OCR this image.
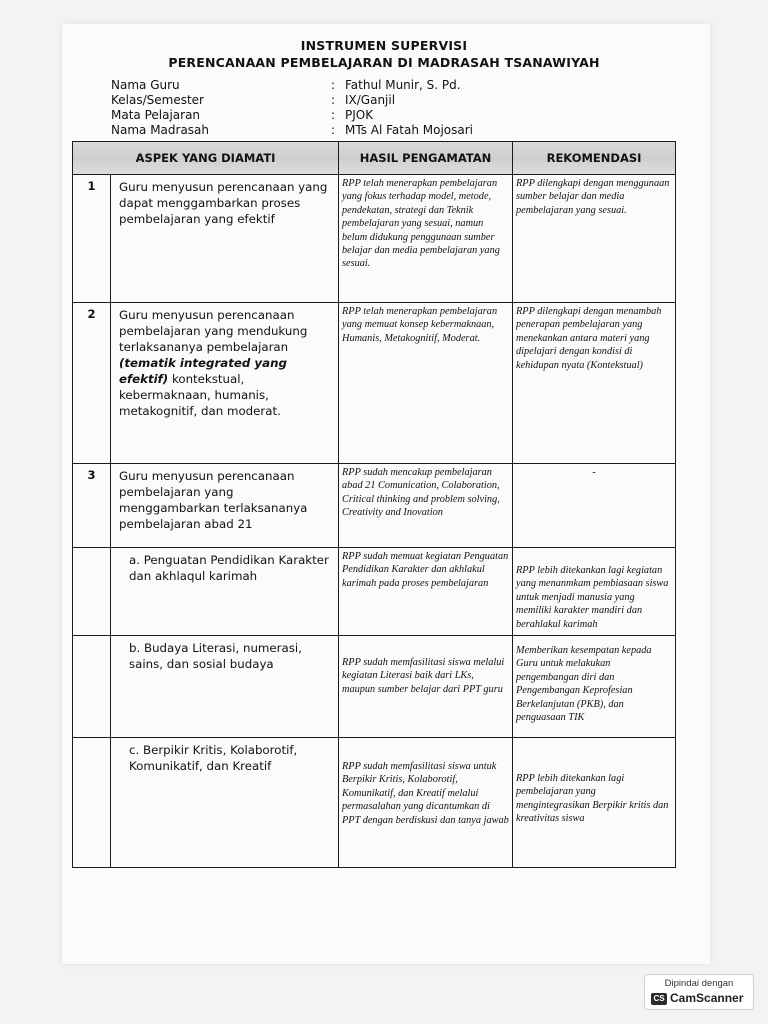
INSTRUMEN SUPERVISI
PERENCANAAN PEMBELAJARAN DI MADRASAH TSANAWIYAH
Nama Guru	: Fathul Munir, S. Pd.
Kelas/Semester	: IX/Ganjil
Mata Pelajaran	: PJOK
Nama Madrasah	: MTs Al Fatah Mojosari
ASPEK YANG DIAMATI		HASIL PENGAMATAN	REKOMENDASI
1	Guru menyusun perencanaan yang dapat menggambarkan proses pembelajaran yang efektif	RPP telah menerapkan pembelajaran yang fokus terhadap model, metode, pendekatan, strategi dan Teknik pembelajaran yang sesuai, namun belum didukung penggunaan sumber belajar dan media pembelajaran yang sesuai.	RPP dilengkapi dengan menggunaan sumber belajar dan media pembelajaran yang sesuai.
2	Guru menyusun perencanaan pembelajaran yang mendukung terlaksananya pembelajaran (tematik integrated yang efektif) kontekstual, kebermaknaan, humanis, metakognitif, dan moderat.	RPP telah menerapkan pembelajaran yang memuat konsep kebermaknaan, Humanis, Metakognitif, Moderat.	RPP dilengkapi dengan menambah penerapan pembelajaran yang menekankan antara materi yang dipelajari dengan kondisi di kehidupan nyata (Kontekstual)
3	Guru menyusun perencanaan pembelajaran yang menggambarkan terlaksananya pembelajaran abad 21	RPP sudah mencakup pembelajaran abad 21 Comunication, Colaboration, Critical thinking and problem solving, Creativity and Inovation	-
	a. Penguatan Pendidikan Karakter dan akhlaqul karimah	RPP sudah memuat kegiatan Penguatan Pendidikan Karakter dan akhlakul karimah pada proses pembelajaran	RPP lebih ditekankan lagi kegiatan yang menanmkam pembiasaan siswa untuk menjadi manusia yang memiliki karakter mandiri dan berahlakul karimah
	b. Budaya Literasi, numerasi, sains, dan sosial budaya	RPP sudah memfasilitasi siswa melalui kegiatan Literasi baik dari LKs, maupun sumber belajar dari PPT guru	Memberikan kesempatan kepada Guru untuk melakukan pengembangan diri dan Pengembangan Keprofesian Berkelanjutan (PKB), dan penguasaan TIK
	c. Berpikir Kritis, Kolaborotif, Komunikatif, dan Kreatif	RPP sudah memfasilitasi siswa untuk Berpikir Kritis, Kolaborotif, Komunikatif, dan Kreatif melalui permasalahan yang dicantumkan di PPT dengan berdiskusi dan tanya jawab	RPP lebih ditekankan lagi pembelajaran yang mengintegrasikan Berpikir kritis dan kreativitas siswa
Dipindai dengan
CS CamScanner
